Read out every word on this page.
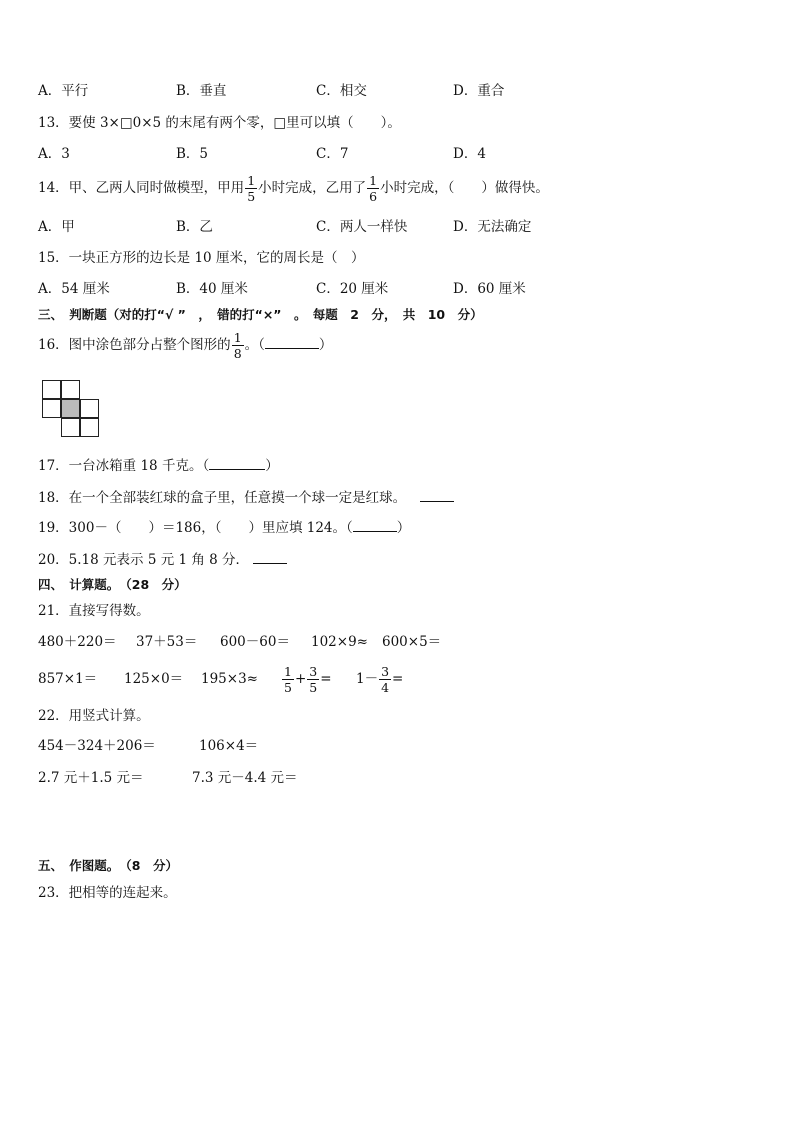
A．平行	B．垂直	C．相交	D．重合
13．要使 3×□0×5 的末尾有两个零，□里可以填（　　）。
A．3	B．5	C．7	D．4
14．甲、乙两人同时做模型，甲用 $\frac{1}{5}$ 小时完成，乙用了 $\frac{1}{6}$ 小时完成，（　　）做得快。
A．甲	B．乙	C．两人一样快	D．无法确定
15．一块正方形的边长是 10 厘米，它的周长是（　）
A．54 厘米	B．40 厘米	C．20 厘米	D．60 厘米
三、　判断题（对的打“√ ”　，　错的打“×”　。　每题　2　分，　共　10　分）
16．图中涂色部分占整个图形的 $\frac{1}{8}$ 。（	）
17．一台冰箱重 18 千克。（	）
18．在一个全部装红球的盒子里，任意摸一个球一定是红球。
19．300－（　　）＝186，（　　）里应填 124。（	）
20．5.18 元表示 5 元 1 角 8 分．
四、　计算题。　（28　分）
21．直接写得数。
480＋220＝ 37＋53＝ 600－60＝ 102×9≈ 600×5＝
$857\times 1= 125\times 0= 195\times 3\approx \frac{1}{5} + \frac{3}{5} = 1- \frac{3}{4}$ =
22．用竖式计算。
454－324＋206＝	106×4＝
2.7 元＋1.5 元＝	7.3 元－4.4 元＝
五、　作图题。　（8　分）
23．把相等的连起来。
